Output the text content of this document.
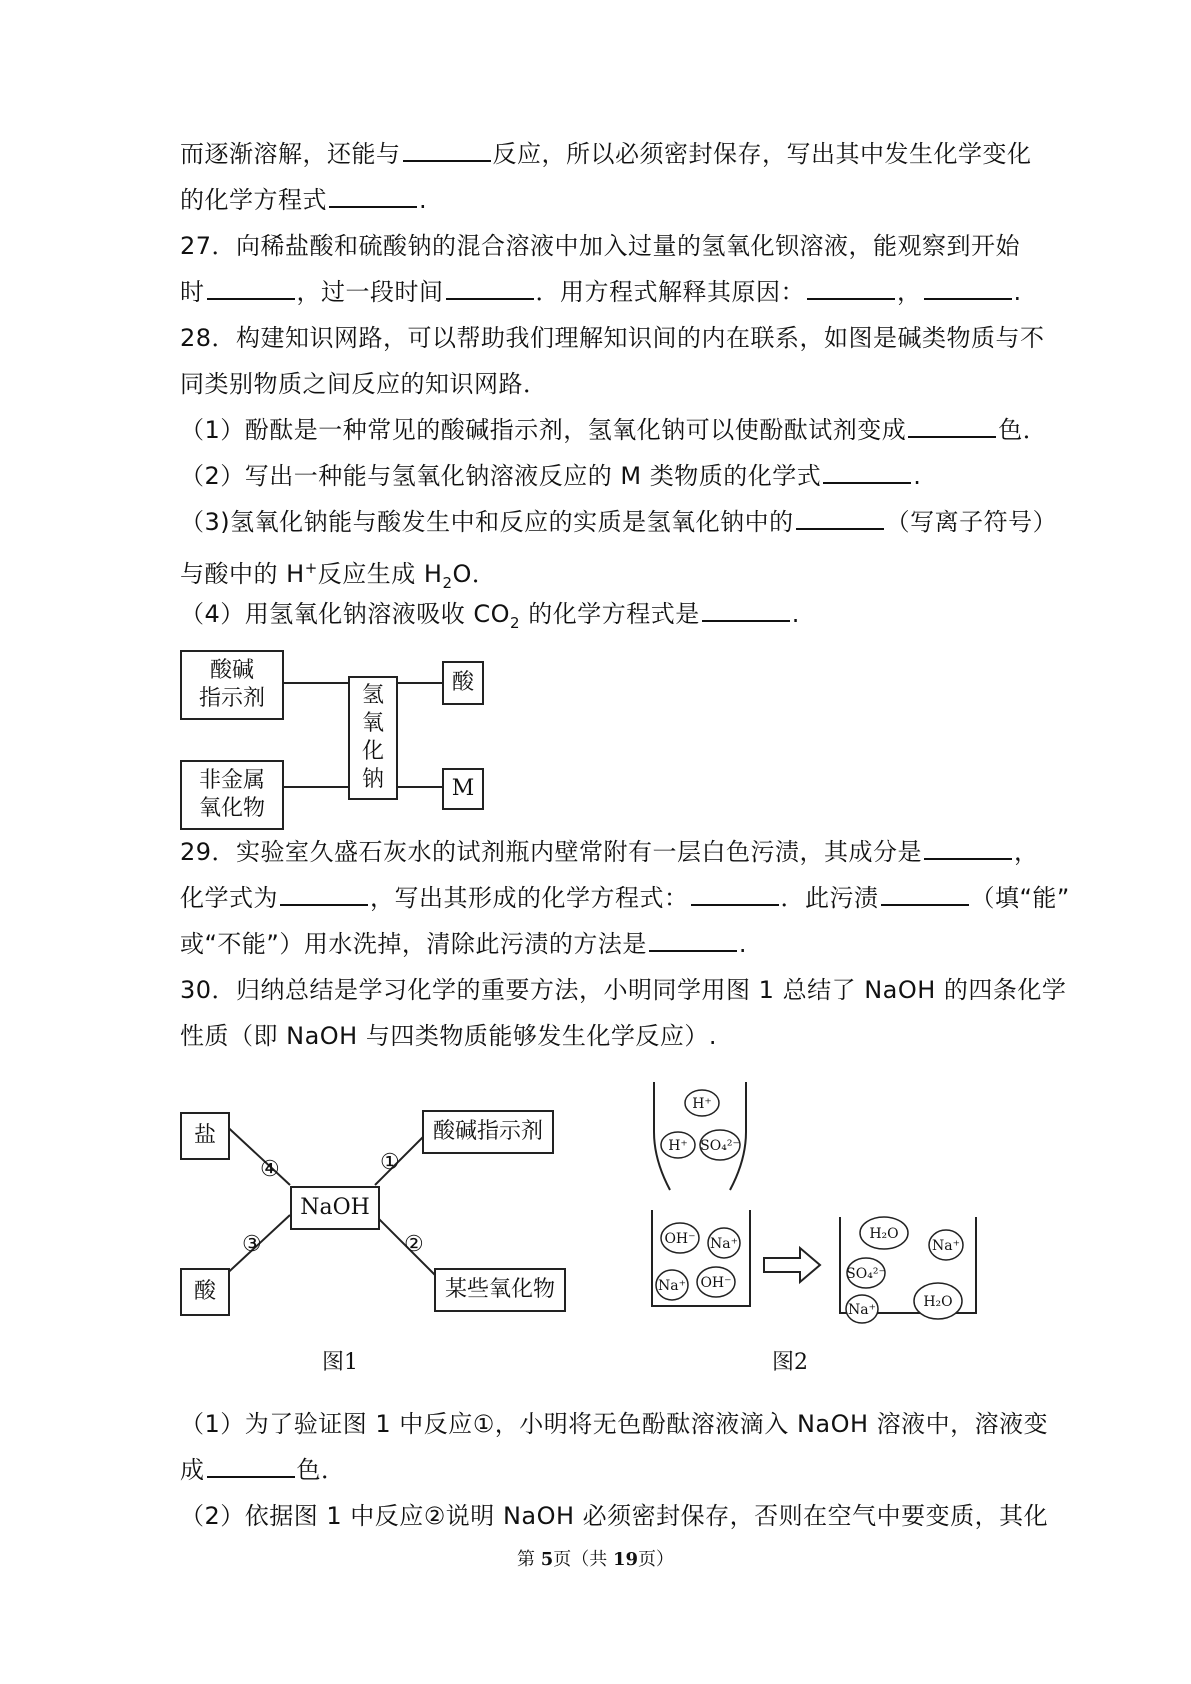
而逐渐溶解，还能与	反应，所以必须密封保存，写出其中发生化学变化
的化学方程式	.
27．向稀盐酸和硫酸钠的混合溶液中加入过量的氢氧化钡溶液，能观察到开始
时	，过一段时间	．用方程式解释其原因：	，	.
28．构建知识网路，可以帮助我们理解知识间的内在联系，如图是碱类物质与不
同类别物质之间反应的知识网路．
（1）酚酞是一种常见的酸碱指示剂，氢氧化钠可以使酚酞试剂变成	色．
（2）写出一种能与氢氧化钠溶液反应的 M 类物质的化学式	.
（3)氢氧化钠能与酸发生中和反应的实质是氢氧化钠中的	（写离子符号）
与酸中的 H+反应生成 $H_2O$．
（4）用氢氧化钠溶液吸收 $CO_2$ 的化学方程式是	.
酸碱
指示剂
非金属
氧化物
氢
氧
化
钠
酸
M
29．实验室久盛石灰水的试剂瓶内壁常附有一层白色污渍，其成分是	，
化学式为	，写出其形成的化学方程式：	．此污渍	（填“能”
或“不能”）用水洗掉，清除此污渍的方法是	.
30．归纳总结是学习化学的重要方法，小明同学用图 1 总结了 NaOH 的四条化学
性质（即 NaOH 与四类物质能够发生化学反应）.
盐	酸碱指示剂
NaOH
酸	某些氧化物
④	①
③	②
图1
H⁺
H⁺ SO₄²⁻
OH⁻ Na⁺
Na⁺ OH⁻
H₂O
Na⁺
SO₄²⁻
Na⁺	H₂O
图2
（1）为了验证图 1 中反应①，小明将无色酚酞溶液滴入 NaOH 溶液中，溶液变
成	色．
（2）依据图 1 中反应②说明 NaOH 必须密封保存，否则在空气中要变质，其化
第 5页（共 19页）
